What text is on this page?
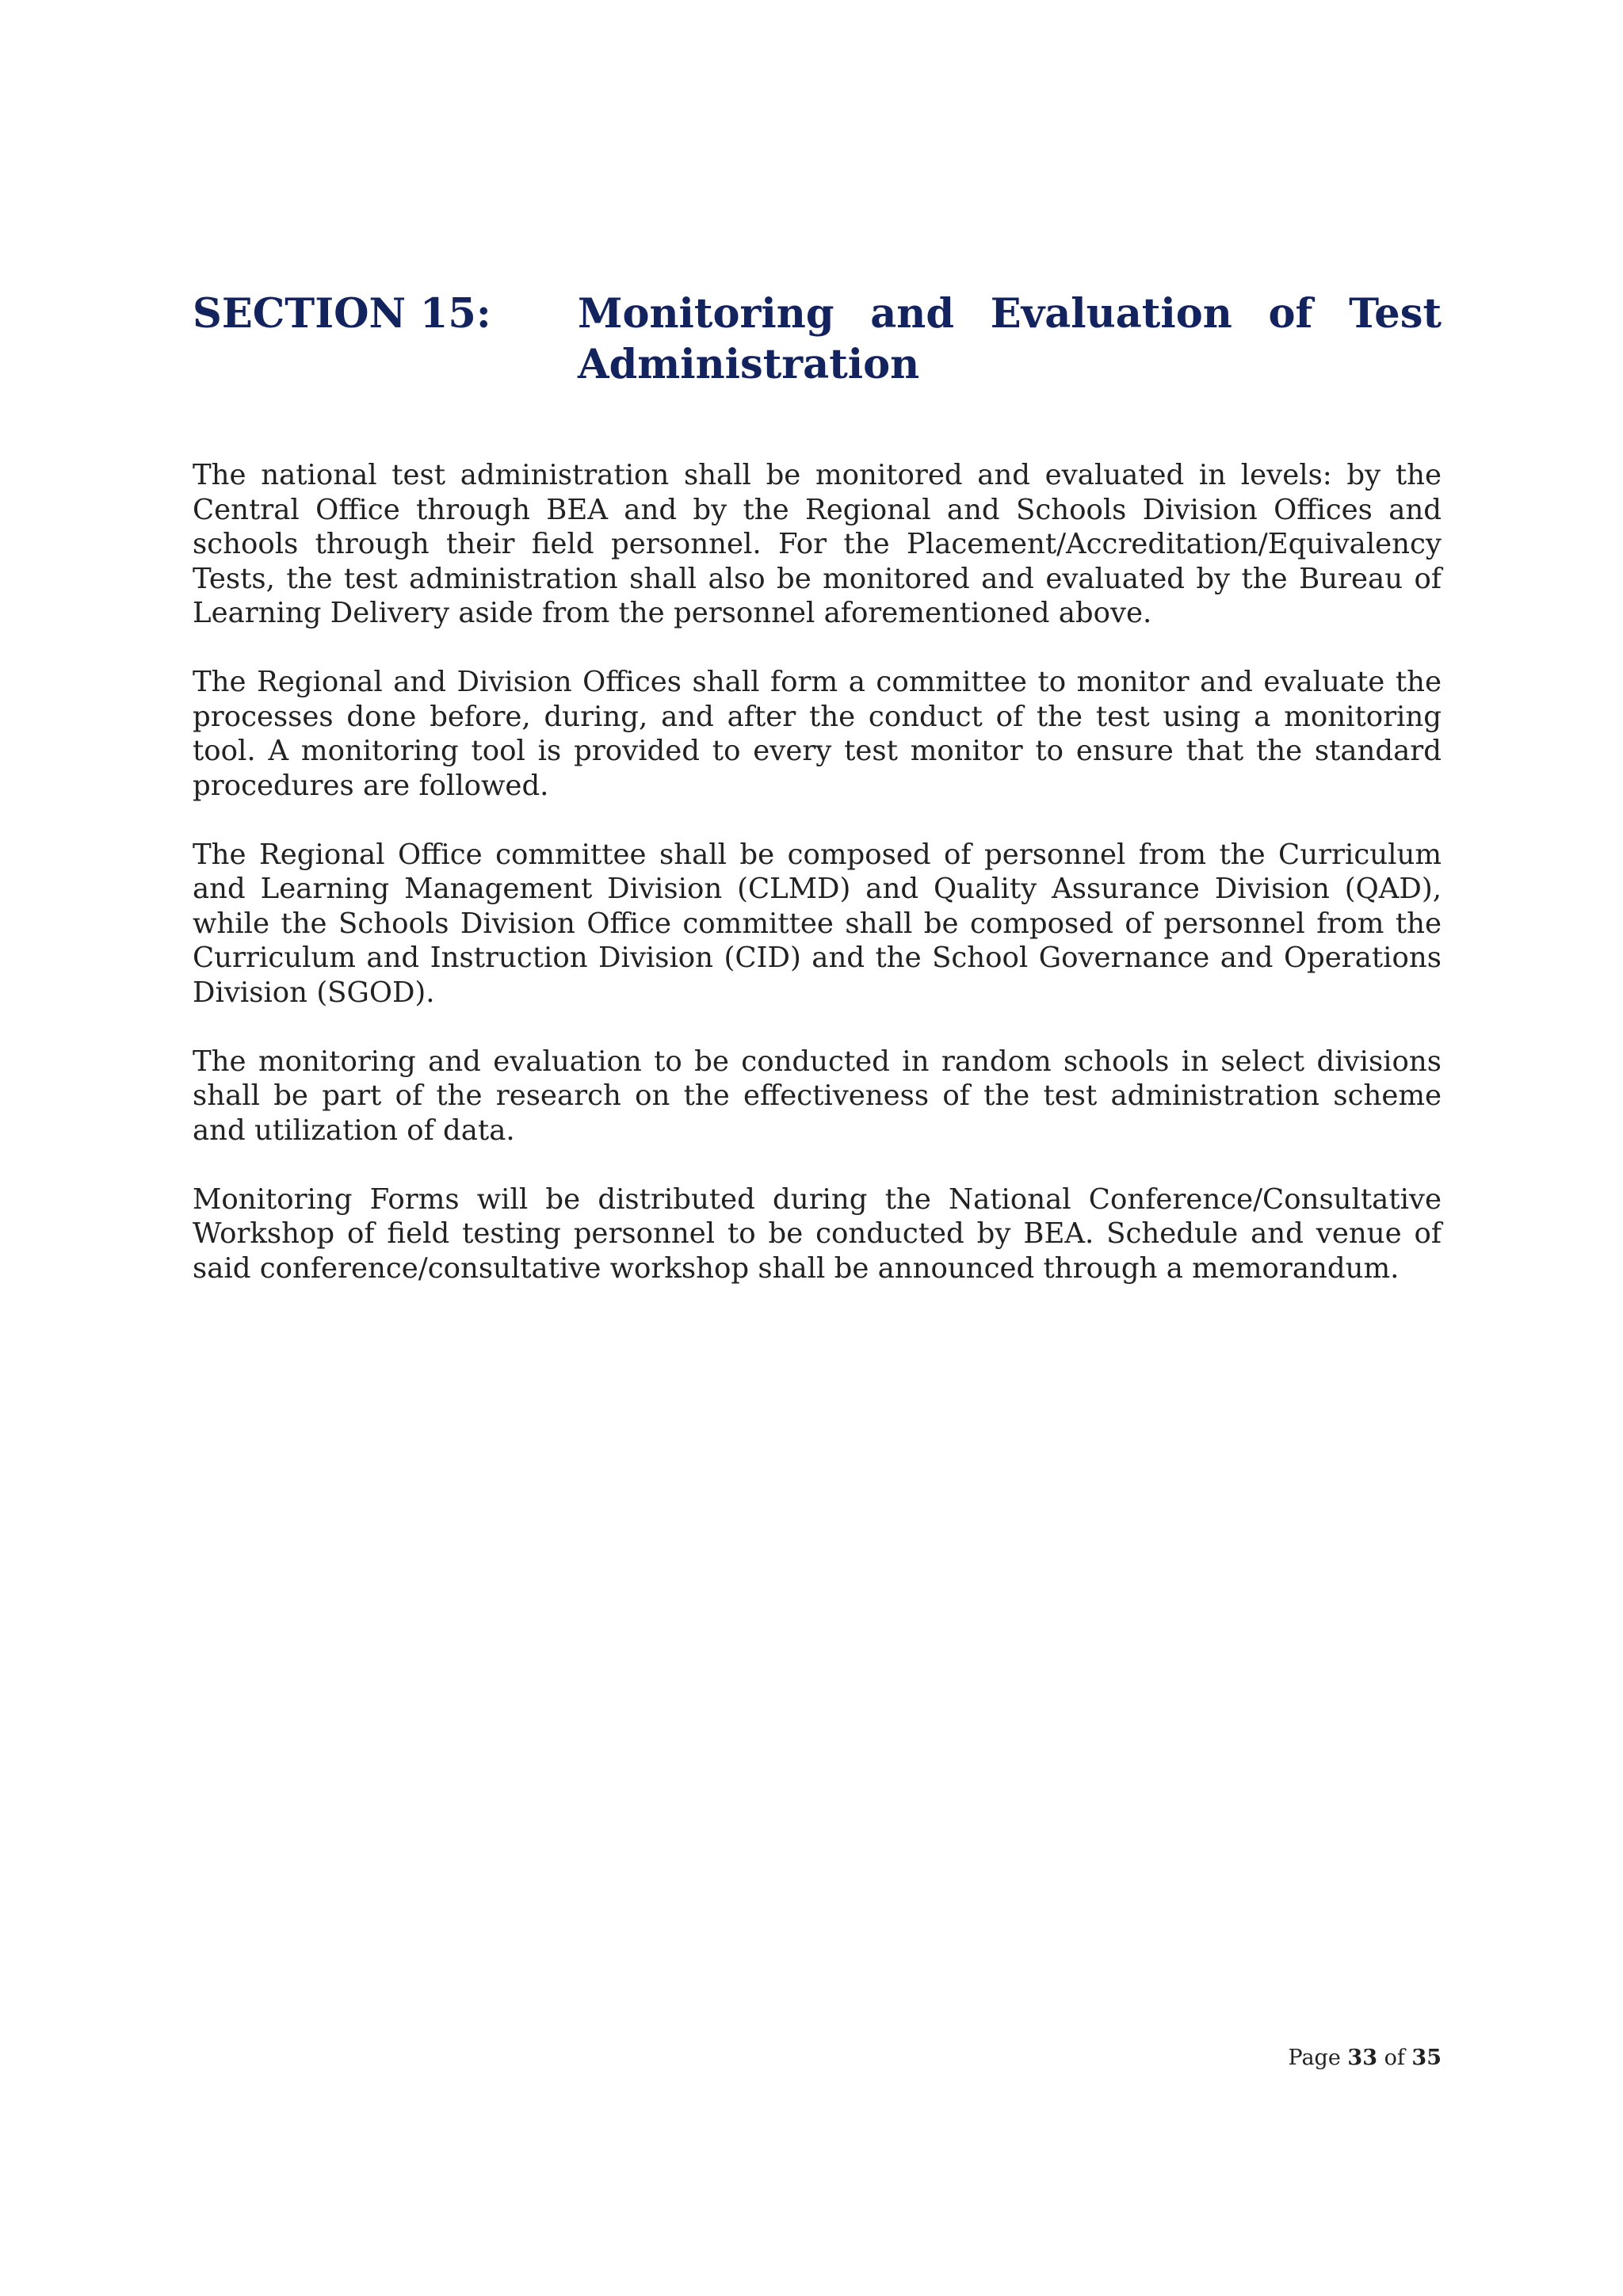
SECTION 15: Monitoring and Evaluation of Test
Administration

The national test administration shall be monitored and evaluated in levels: by the Central Office through BEA and by the Regional and Schools Division Offices and schools through their field personnel. For the Placement/Accreditation/Equivalency Tests, the test administration shall also be monitored and evaluated by the Bureau of Learning Delivery aside from the personnel aforementioned above.

The Regional and Division Offices shall form a committee to monitor and evaluate the processes done before, during, and after the conduct of the test using a monitoring tool. A monitoring tool is provided to every test monitor to ensure that the standard procedures are followed.

The Regional Office committee shall be composed of personnel from the Curriculum and Learning Management Division (CLMD) and Quality Assurance Division (QAD), while the Schools Division Office committee shall be composed of personnel from the Curriculum and Instruction Division (CID) and the School Governance and Operations Division (SGOD).

The monitoring and evaluation to be conducted in random schools in select divisions shall be part of the research on the effectiveness of the test administration scheme and utilization of data.

Monitoring Forms will be distributed during the National Conference/Consultative Workshop of field testing personnel to be conducted by BEA. Schedule and venue of said conference/consultative workshop shall be announced through a memorandum.

Page 33 of 35
